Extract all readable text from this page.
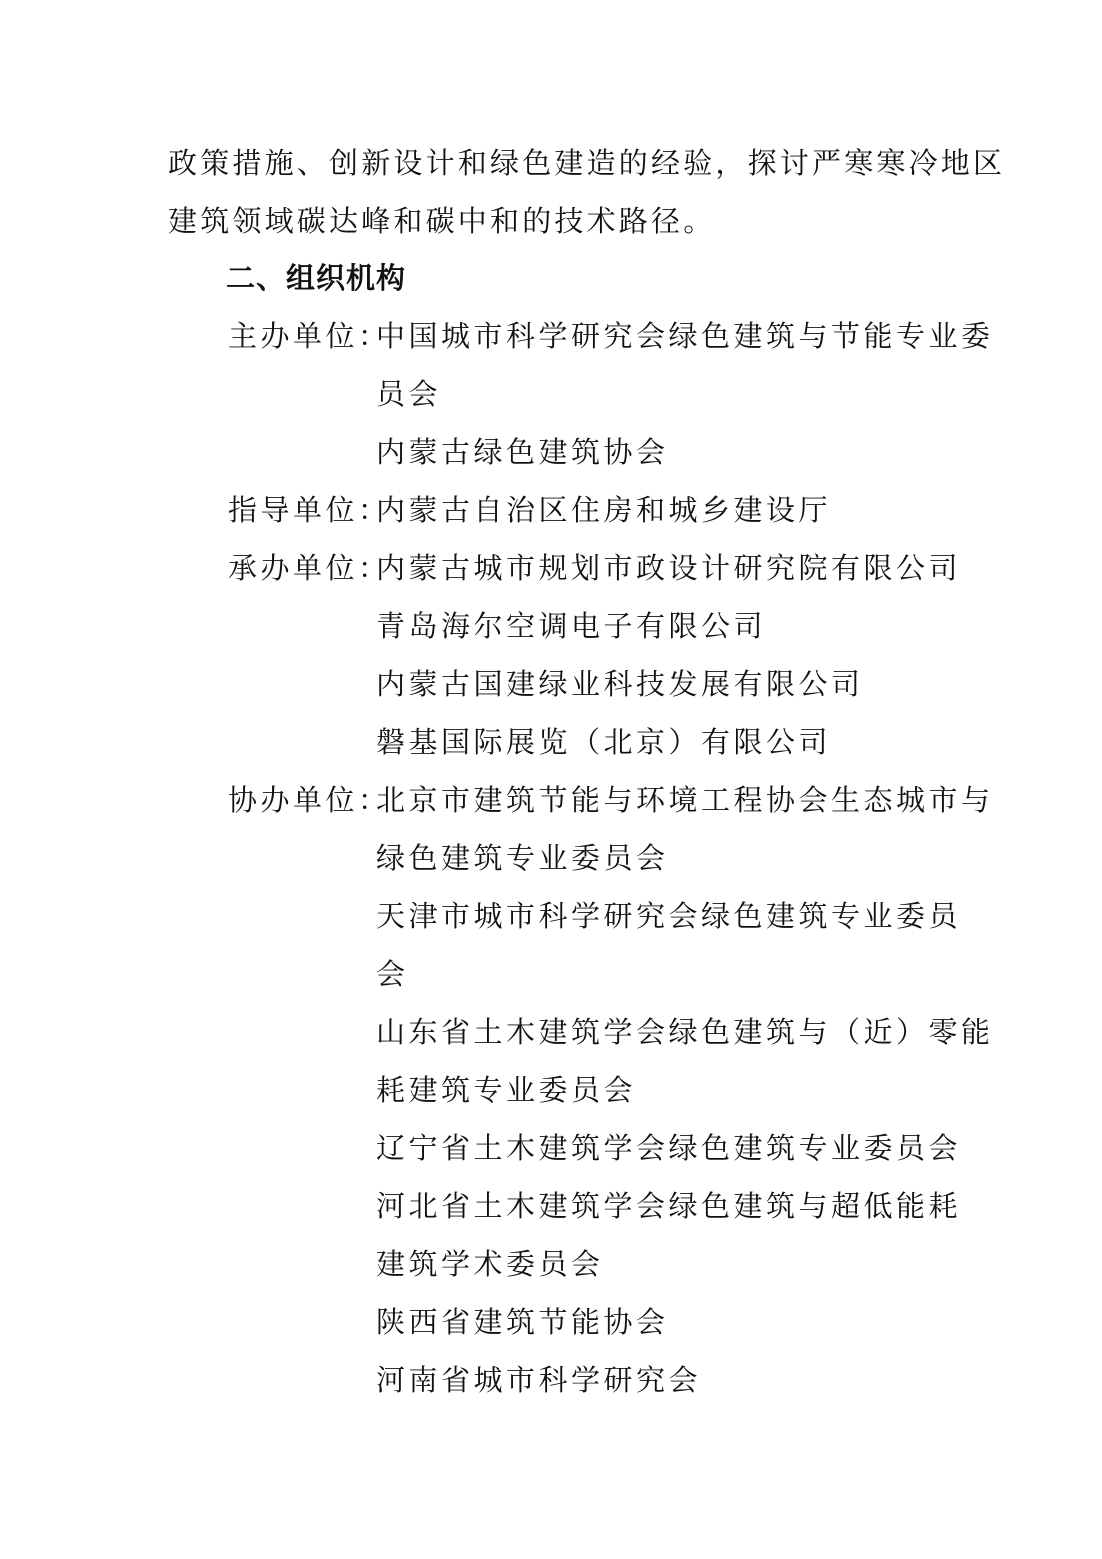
政策措施、创新设计和绿色建造的经验，探讨严寒寒冷地区
建筑领域碳达峰和碳中和的技术路径。
二、组织机构
主办单位：
中国城市科学研究会绿色建筑与节能专业委
员会
内蒙古绿色建筑协会
指导单位：
内蒙古自治区住房和城乡建设厅
承办单位：
内蒙古城市规划市政设计研究院有限公司
青岛海尔空调电子有限公司
内蒙古国建绿业科技发展有限公司
磐基国际展览（北京）有限公司
协办单位：
北京市建筑节能与环境工程协会生态城市与
绿色建筑专业委员会
天津市城市科学研究会绿色建筑专业委员
会
山东省土木建筑学会绿色建筑与（近）零能
耗建筑专业委员会
辽宁省土木建筑学会绿色建筑专业委员会
河北省土木建筑学会绿色建筑与超低能耗
建筑学术委员会
陕西省建筑节能协会
河南省城市科学研究会
